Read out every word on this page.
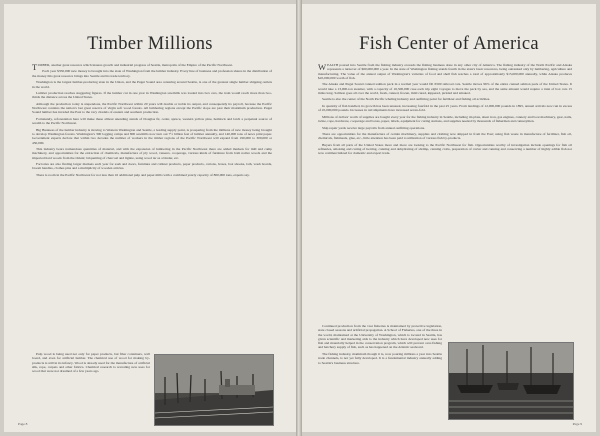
Timber Millions

TIMBER, another great resource which insures growth and industrial progress of Seattle, metropolis of the Empire of the Pacific Northwest.

Each year $350,000 new money is brought into the state of Washington from the lumber industry. Every line of business and profession shares in the distribution of the money this great resource brings into Seattle and its trade territory.

Washington is the largest lumber-producing state in the Union, and the Puget Sound area centering around Seattle, is one of the greatest single lumber shipping outlets in the world.

Lumber production reaches staggering figures. If the lumber cut in one year in Washington sawmills was loaded into box cars, the train would reach more than two-thirds the distance across the United States.

Although the production today is stupendous, the Pacific Northwest within 20 years will double or treble its output, and consequently its payroll, because the Pacific Northwest contains the nation's last great reserve of virgin soft wood forests. All lumbering regions except the Pacific slope are past their maximum production. Puget Sound lumber has invaded the East to the very citadels of eastern and southern production.

Fortunately, reforestation here will make these almost unending stands of Douglas fir, cedar, spruce, western yellow pine, hemlock and larch a perpetual source of wealth to the Pacific Northwest.

Big Business of the lumber industry is moving to Western Washington and Seattle, a leading supply point, is prospering from the millions of new money being brought to develop Washington forests. Washington's 300 logging camps and 800 sawmills now turn out 7½ billion feet of lumber annually, and 140,000 tons of news print paper. Government experts declare that within two decades the number of workers in the timber regions of the Pacific Northwest will expand from 190,000 to 300,000 or 450,000.

This industry bears tremendous quantities of material, and with the expansion of lumbering in the Pacific Northwest there are added markets for mill and camp machinery, and opportunities for the extraction of chemicals, manufacture of ply wood, veneers, cooperage, various kinds of furniture from both native woods and the imported hard woods from the Orient; briquetting of charcoal and lignite, using wood tar as a binder, etc.

Factories are also finding larger markets each year for sash and doors, furniture and cabinet products, paper products, cartons, boxes, box shooks, lath, wash boards, broom handles, clothes pins and a multiplicity of wooden articles.

There is room in the Pacific Northwest for not less than 16 additional pulp and paper mills with a combined yearly capacity of 800,000 tons, experts say.

Pulp wood is being used not only for paper products, but fiber containers, wall board, and even for artificial lumber. The chemical use of wood for making by-products is still in its infancy. Wood is already used for the manufacture of artificial silk, rope, carpets and other fabrics. Chemical research is revealing new uses for wood that were not dreamed of a few years ago.

Page 8
Fish Center of America

WEALTH poured into Seattle from the fishing industry exceeds the fishing business done in any other city of America. The fishing industry of the North Pacific and Alaska represents a turnover of $60,000,000 a year. In the state of Washington fishing stands fourth in the state's basic resources, being outranked only by lumbering, agriculture and manufacturing. The value of the annual output of Washington's varieties of food and shell fish reaches a total of approximately $15,000,000 annually, while Alaska produces $45,000,000 worth of fish.

The Alaska and Puget Sound canned salmon pack in a normal year would fill 6500 railroad cars. Seattle moves 96% of the entire canned salmon pack of the United States. It would take a 13,000-ton steamer, with a capacity of 16,500,000 case each trip eight voyages to move the pack by sea, and the same amount would require a train of box cars 15 miles long. Salmon goes all over the world, fresh, canned, frozen, mild cured, kippered, pickled and smoked.

Seattle is also the center of the North Pacific whaling industry and outfitting point for fertilizer and fishing oil activities.

In quantity of fish handled, its growth has been unusual, increasing fourfold in the past 25 years. From landings of 12,000,000 pounds in 1895, annual arrivals now run in excess of 45,000,000 pounds. Increases in rail shipments have increased seven-fold.

Millions of dollars' worth of supplies are bought every year for the fishing industry in Seattle, including tin plate, sheet iron, gas engines, cannery and boat machinery, gear, nails, twine, rope, hardware, cooperage and boxes, paper, labels, equipment for curing stations, and supplies needed by thousands of fishermen and cannerymen.

Ship repair yards receive large payrolls from annual outfitting operations.

There are opportunities for the manufacture of certain machinery, supplies and clothing now shipped in from the East; using fish waste in manufacture of fertilizer, fish oil, chemicals, fishmeals, glue, etc., little attention has been paid to utilization of various fish by-products.

Buyers from all parts of the United States more and more are looking to the Pacific Northwest for fish. Opportunities worthy of investigation include openings for fish oil refineries, smoking and curing of herring, canning and dehydrating of shrimp, canning crabs, preparation of caviar and canning and conserving a number of highly edible fish not now commercialized for domestic and export trade.

Continued production from the vast fisheries is maintained by protective legislation, state closed seasons and artificial propagation. A School of Fisheries, one of the three in the world, maintained at the University of Washington, which is located in Seattle, has given scientific and marketing aids to the industry which have developed new uses for fish and materially helped in the conservation program, which will prevent over-fishing and hatchery supply of fish, such as has happened on the Atlantic seaboard.

The fishing industry, mammoth though it is, now pouring millions a year into Seattle trade channels, is not yet fully developed. It is a fundamental industry annually adding to Seattle's business structure.

Page 9
